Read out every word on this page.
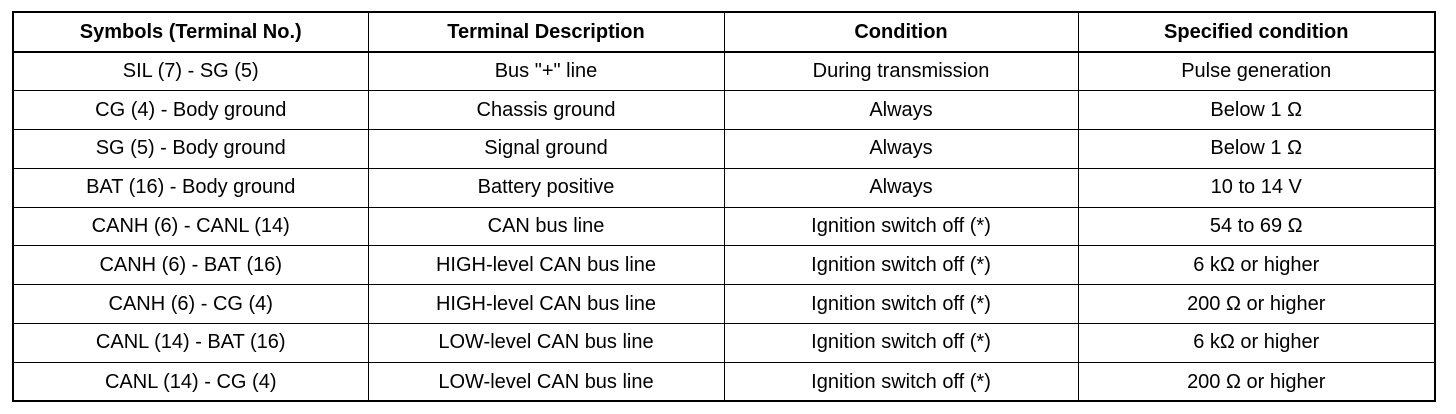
Symbols (Terminal No.)	Terminal Description	Condition	Specified condition
SIL (7) - SG (5)	Bus "+" line	During transmission	Pulse generation
CG (4) - Body ground	Chassis ground	Always	Below 1 Ω
SG (5) - Body ground	Signal ground	Always	Below 1 Ω
BAT (16) - Body ground	Battery positive	Always	10 to 14 V
CANH (6) - CANL (14)	CAN bus line	Ignition switch off (*)	54 to 69 Ω
CANH (6) - BAT (16)	HIGH-level CAN bus line	Ignition switch off (*)	6 kΩ or higher
CANH (6) - CG (4)	HIGH-level CAN bus line	Ignition switch off (*)	200 Ω or higher
CANL (14) - BAT (16)	LOW-level CAN bus line	Ignition switch off (*)	6 kΩ or higher
CANL (14) - CG (4)	LOW-level CAN bus line	Ignition switch off (*)	200 Ω or higher
